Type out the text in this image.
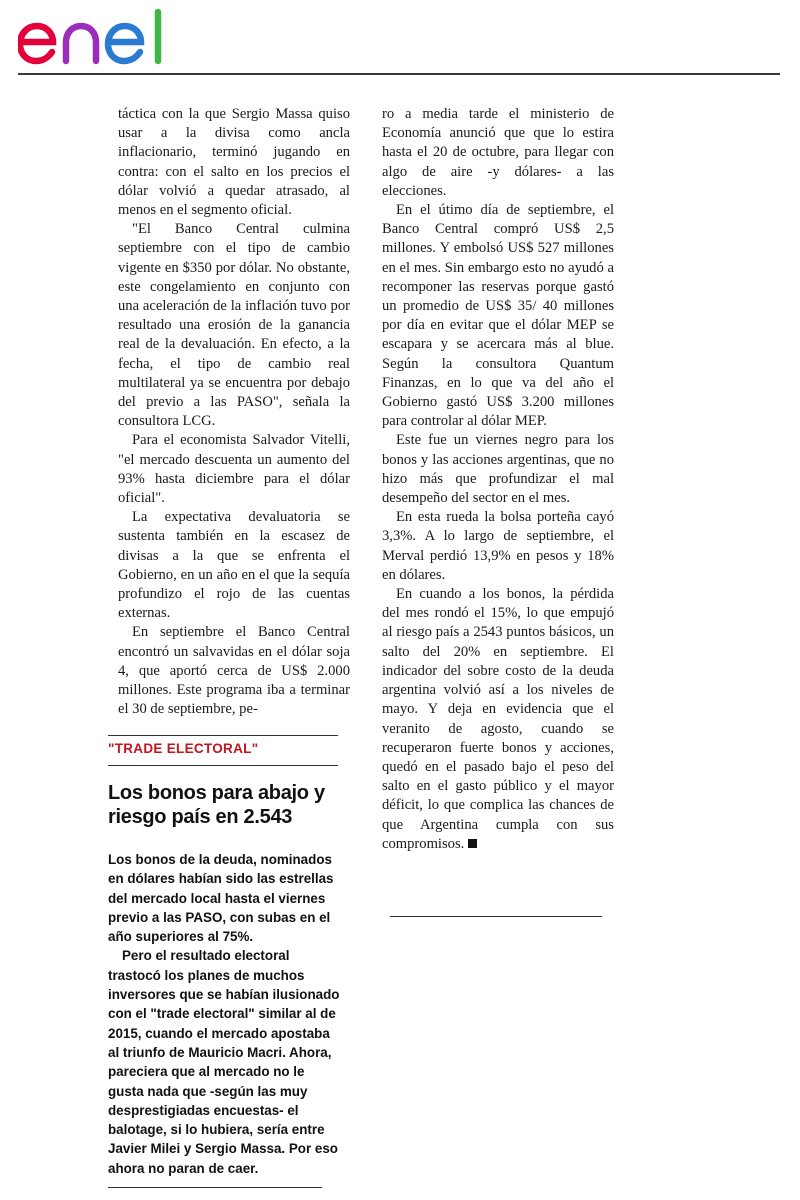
táctica con la que Sergio Massa quiso usar a la divisa como ancla inflacionario, terminó jugando en contra: con el salto en los precios el dólar volvió a quedar atrasado, al menos en el segmento oficial.

"El Banco Central culmina septiembre con el tipo de cambio vigente en $350 por dólar. No obstante, este congelamiento en conjunto con una aceleración de la inflación tuvo por resultado una erosión de la ganancia real de la devaluación. En efecto, a la fecha, el tipo de cambio real multilateral ya se encuentra por debajo del previo a las PASO", señala la consultora LCG.

Para el economista Salvador Vitelli, "el mercado descuenta un aumento del 93% hasta diciembre para el dólar oficial".

La expectativa devaluatoria se sustenta también en la escasez de divisas a la que se enfrenta el Gobierno, en un año en el que la sequía profundizo el rojo de las cuentas externas.

En septiembre el Banco Central encontró un salvavidas en el dólar soja 4, que aportó cerca de US$ 2.000 millones. Este programa iba a terminar el 30 de septiembre, pe-

"TRADE ELECTORAL"
Los bonos para abajo y riesgo país en 2.543

Los bonos de la deuda, nominados en dólares habían sido las estrellas del mercado local hasta el viernes previo a las PASO, con subas en el año superiores al 75%.

Pero el resultado electoral trastocó los planes de muchos inversores que se habían ilusionado con el "trade electoral" similar al de 2015, cuando el mercado apostaba al triunfo de Mauricio Macri. Ahora, pareciera que al mercado no le gusta nada que -según las muy desprestigiadas encuestas- el balotage, si lo hubiera, sería entre Javier Milei y Sergio Massa. Por eso ahora no paran de caer.

ro a media tarde el ministerio de Economía anunció que que lo estira hasta el 20 de octubre, para llegar con algo de aire -y dólares- a las elecciones.

En el útimo día de septiembre, el Banco Central compró US$ 2,5 millones. Y embolsó US$ 527 millones en el mes. Sin embargo esto no ayudó a recomponer las reservas porque gastó un promedio de US$ 35/ 40 millones por día en evitar que el dólar MEP se escapara y se acercara más al blue. Según la consultora Quantum Finanzas, en lo que va del año el Gobierno gastó US$ 3.200 millones para controlar al dólar MEP.

Este fue un viernes negro para los bonos y las acciones argentinas, que no hizo más que profundizar el mal desempeño del sector en el mes.

En esta rueda la bolsa porteña cayó 3,3%. A lo largo de septiembre, el Merval perdió 13,9% en pesos y 18% en dólares.

En cuando a los bonos, la pérdida del mes rondó el 15%, lo que empujó al riesgo país a 2543 puntos básicos, un salto del 20% en septiembre. El indicador del sobre costo de la deuda argentina volvió así a los niveles de mayo. Y deja en evidencia que el veranito de agosto, cuando se recuperaron fuerte bonos y acciones, quedó en el pasado bajo el peso del salto en el gasto público y el mayor déficit, lo que complica las chances de que Argentina cumpla con sus compromisos.
